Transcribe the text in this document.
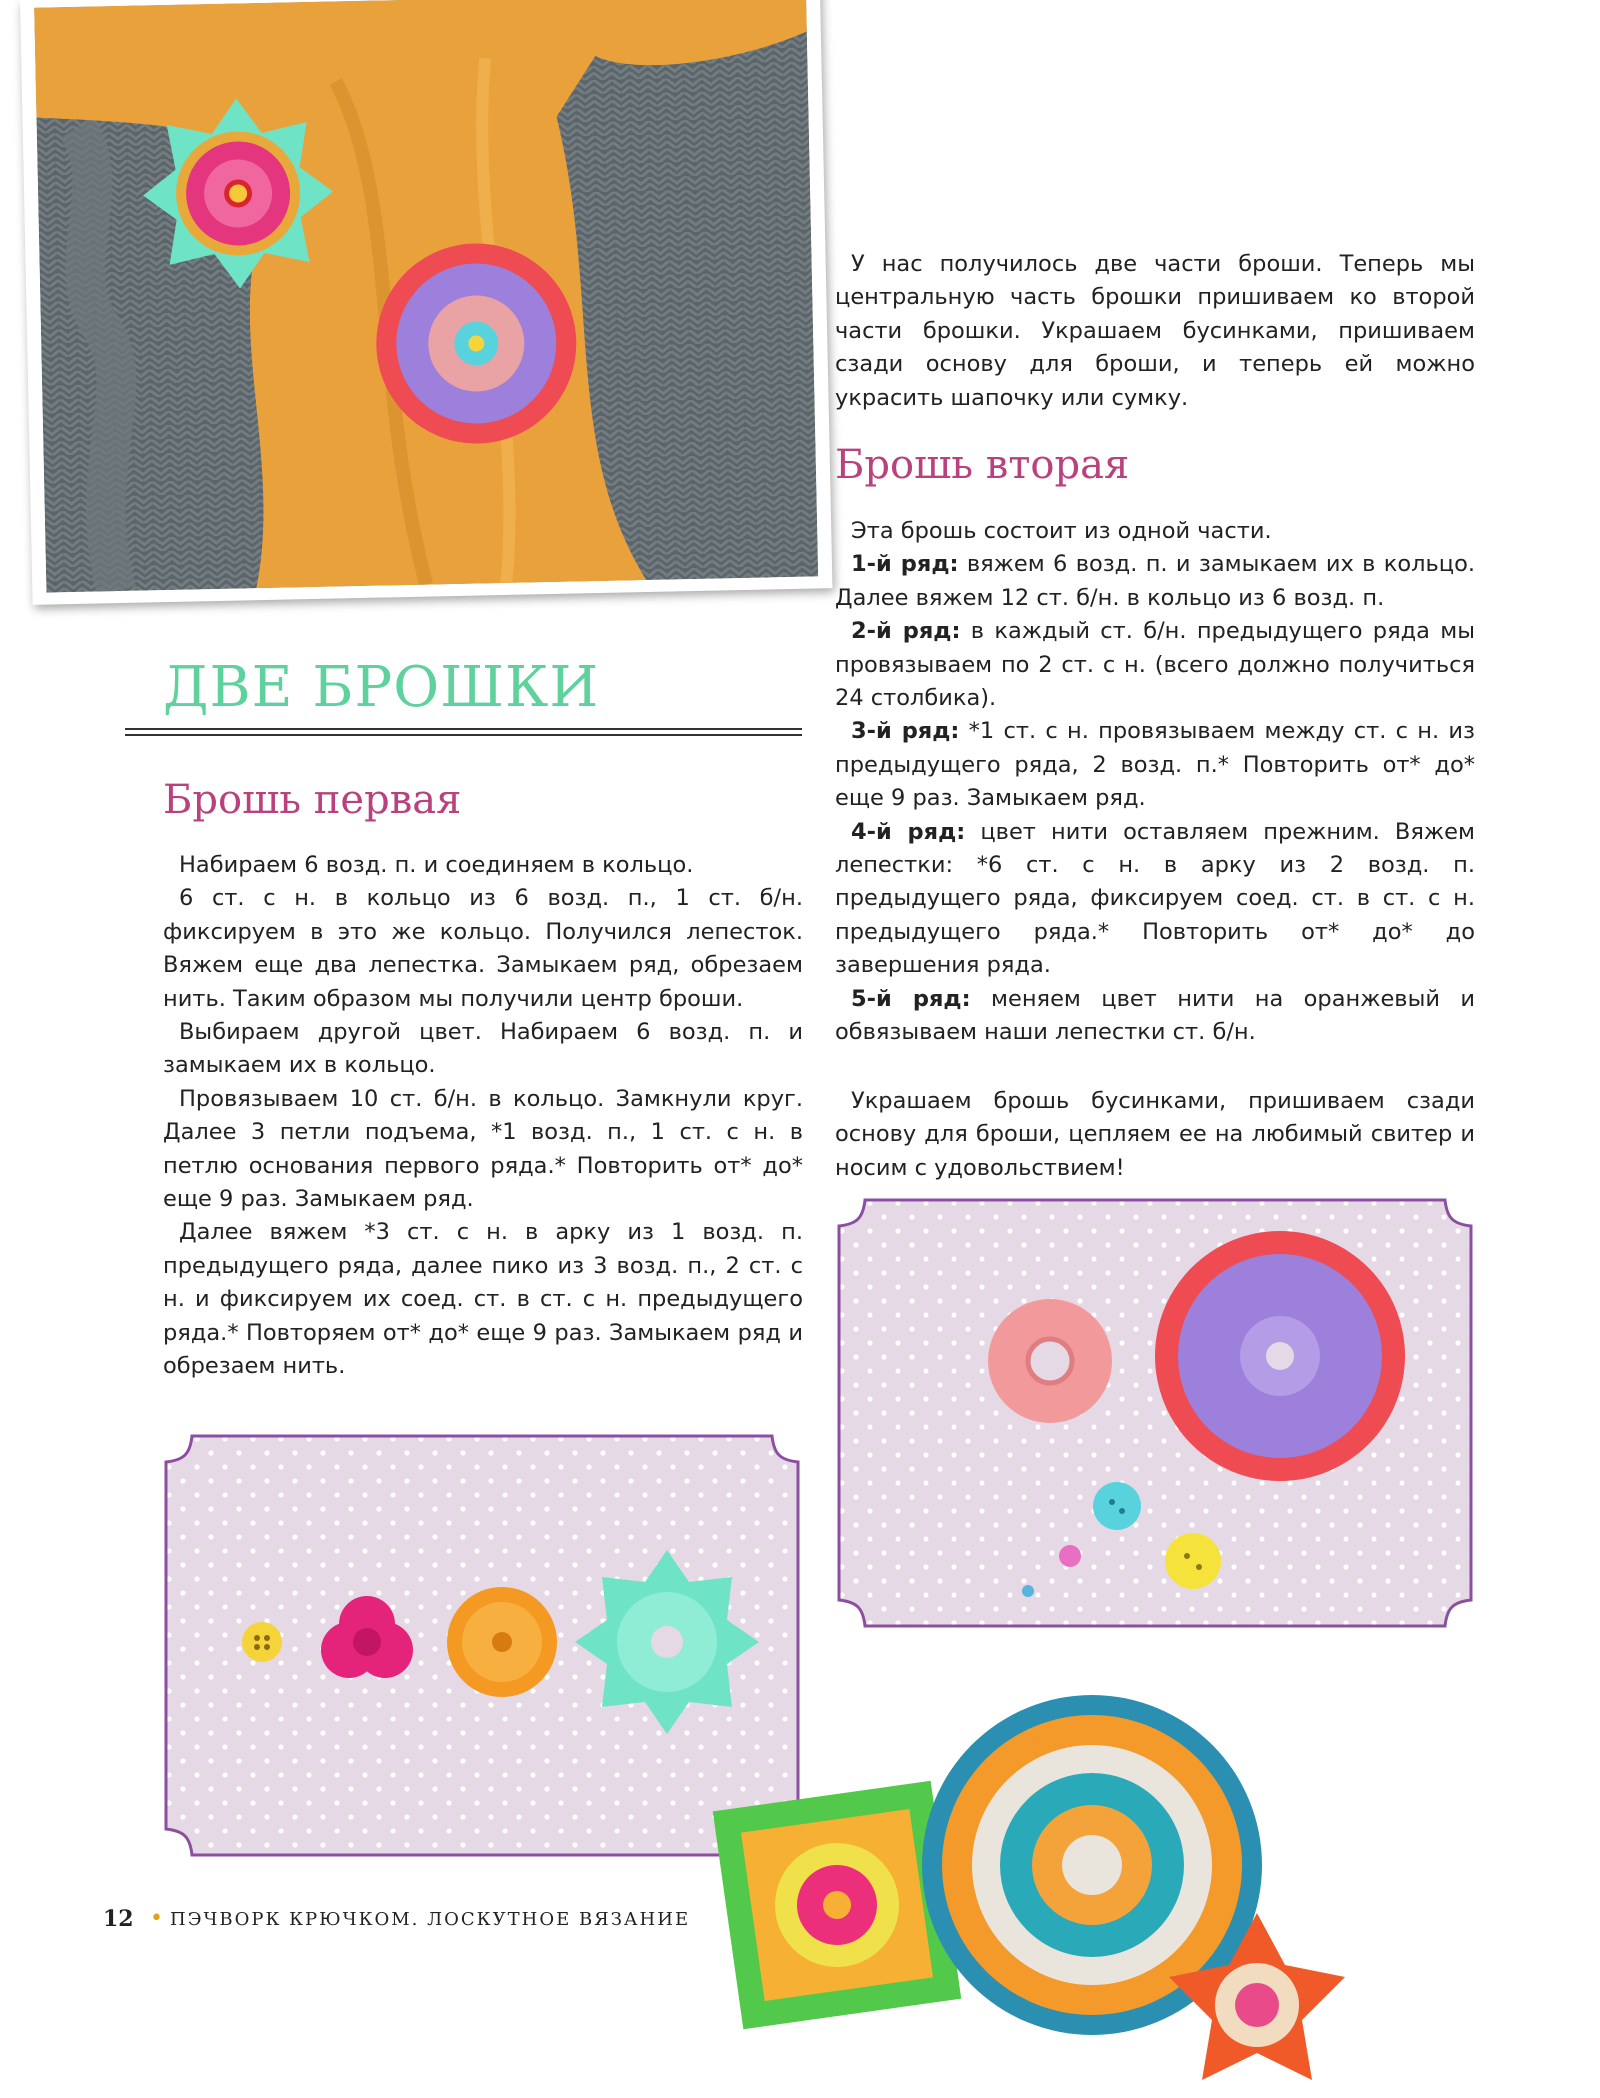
ДВЕ БРОШКИ
Брошь первая

Набираем 6 возд. п. и соединяем в кольцо.

6 ст. с н. в кольцо из 6 возд. п., 1 ст. б/н. фиксируем в это же кольцо. Получился лепесток. Вяжем еще два лепестка. Замыкаем ряд, обрезаем нить. Таким образом мы получили центр броши.

Выбираем другой цвет. Набираем 6 возд. п. и замыкаем их в кольцо.

Провязываем 10 ст. б/н. в кольцо. Замкнули круг. Далее 3 петли подъема, *1 возд. п., 1 ст. с н. в петлю основания первого ряда.* Повторить от* до* еще 9 раз. Замыкаем ряд.

Далее вяжем *3 ст. с н. в арку из 1 возд. п. предыдущего ряда, далее пико из 3 возд. п., 2 ст. с н. и фиксируем их соед. ст. в ст. с н. предыдущего ряда.* Повторяем от* до* еще 9 раз. Замыкаем ряд и обрезаем нить.

У нас получилось две части броши. Теперь мы центральную часть брошки пришиваем ко второй части брошки. Украшаем бусинками, пришиваем сзади основу для броши, и теперь ей можно украсить шапочку или сумку.

Брошь вторая

Эта брошь состоит из одной части.

1-й ряд: вяжем 6 возд. п. и замыкаем их в кольцо. Далее вяжем 12 ст. б/н. в кольцо из 6 возд. п.

2-й ряд: в каждый ст. б/н. предыдущего ряда мы провязываем по 2 ст. с н. (всего должно получиться 24 столбика).

3-й ряд: *1 ст. с н. провязываем между ст. с н. из предыдущего ряда, 2 возд. п.* Повторить от* до* еще 9 раз. Замыкаем ряд.

4-й ряд: цвет нити оставляем прежним. Вяжем лепестки: *6 ст. с н. в арку из 2 возд. п. предыдущего ряда, фиксируем соед. ст. в ст. с н. предыдущего ряда.* Повторить от* до* до завершения ряда.

5-й ряд: меняем цвет нити на оранжевый и обвязываем наши лепестки ст. б/н.

Украшаем брошь бусинками, пришиваем сзади основу для броши, цепляем ее на любимый свитер и носим с удовольствием!

12 • ПЭЧВОРК КРЮЧКОМ. ЛОСКУТНОЕ ВЯЗАНИЕ
